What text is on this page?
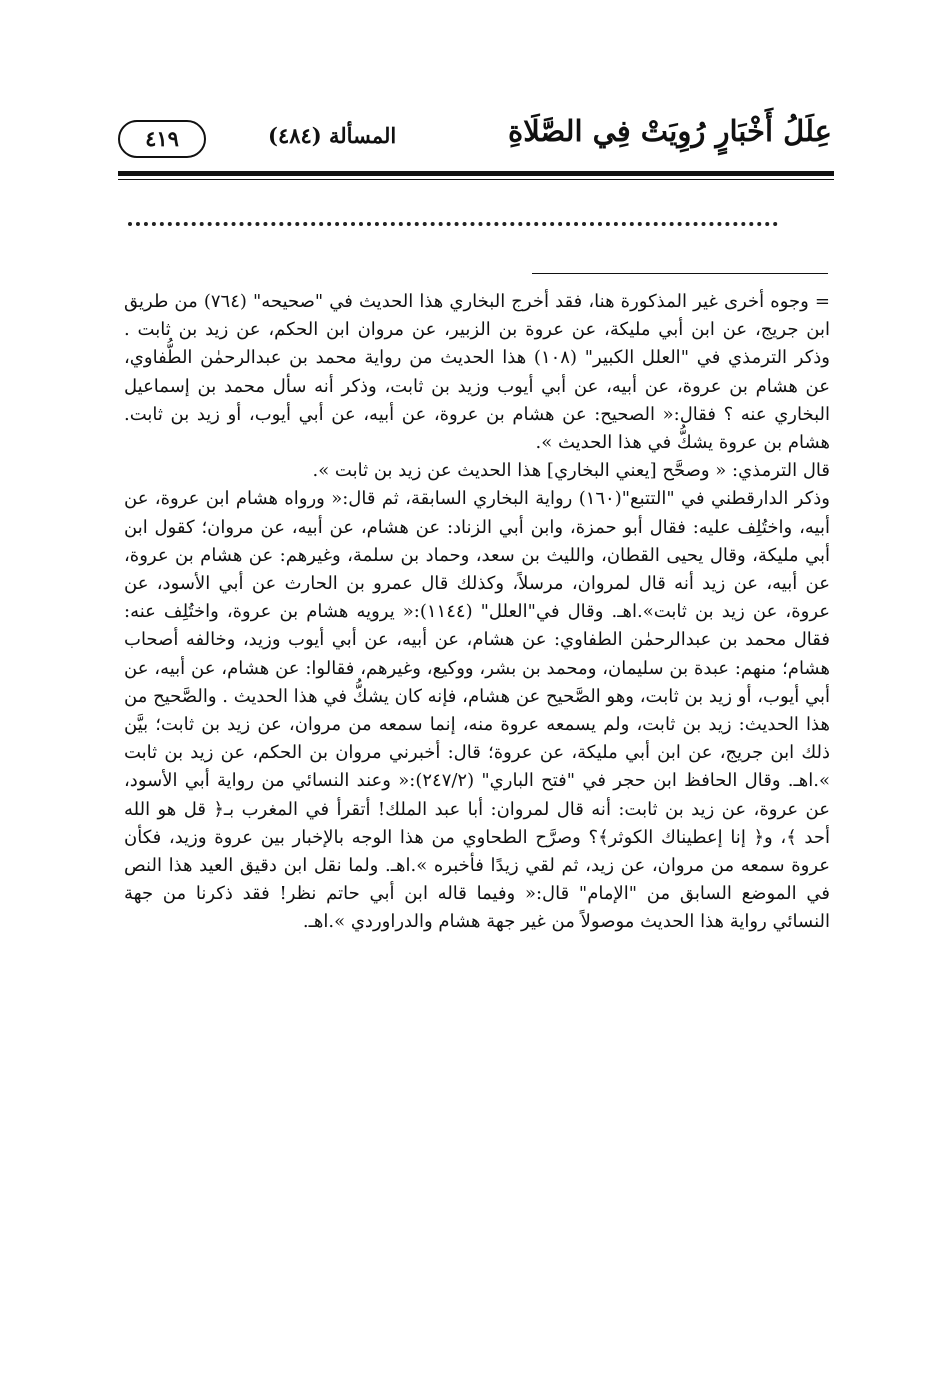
عِلَلُ أَخْبَارٍ رُوِيَتْ فِي الصَّلَاةِ
المسألة (٤٨٤)
٤١٩

= وجوه أخرى غير المذكورة هنا، فقد أخرج البخاري هذا الحديث في "صحيحه" (٧٦٤) من طريق ابن جريج، عن ابن أبي مليكة، عن عروة بن الزبير، عن مروان ابن الحكم، عن زيد بن ثابت . وذكر الترمذي في "العلل الكبير" (١٠٨) هذا الحديث من رواية محمد بن عبدالرحمٰن الطُّفاوي، عن هشام بن عروة، عن أبيه، عن أبي أيوب وزيد بن ثابت، وذكر أنه سأل محمد بن إسماعيل البخاري عنه ؟ فقال:« الصحيح: عن هشام بن عروة، عن أبيه، عن أبي أيوب، أو زيد بن ثابت. هشام بن عروة يشكُّ في هذا الحديث ».

قال الترمذي: « وصحَّح [يعني البخاري] هذا الحديث عن زيد بن ثابت ».

وذكر الدارقطني في "التتبع"(١٦٠) رواية البخاري السابقة، ثم قال:« ورواه هشام ابن عروة، عن أبيه، واختُلِف عليه: فقال أبو حمزة، وابن أبي الزناد: عن هشام، عن أبيه، عن مروان؛ كقول ابن أبي مليكة، وقال يحيى القطان، والليث بن سعد، وحماد بن سلمة، وغيرهم: عن هشام بن عروة، عن أبيه، عن زيد أنه قال لمروان، مرسلاً، وكذلك قال عمرو بن الحارث عن أبي الأسود، عن عروة، عن زيد بن ثابت».اهـ. وقال في"العلل" (١١٤٤):« يرويه هشام بن عروة، واختُلِف عنه: فقال محمد بن عبدالرحمٰن الطفاوي: عن هشام، عن أبيه، عن أبي أيوب وزيد، وخالفه أصحاب هشام؛ منهم: عبدة بن سليمان، ومحمد بن بشر، ووكيع، وغيرهم، فقالوا: عن هشام، عن أبيه، عن أبي أيوب، أو زيد بن ثابت، وهو الصَّحيح عن هشام، فإنه كان يشكُّ في هذا الحديث . والصَّحيح من هذا الحديث: زيد بن ثابت، ولم يسمعه عروة منه، إنما سمعه من مروان، عن زيد بن ثابت؛ بيَّن ذلك ابن جريج، عن ابن أبي مليكة، عن عروة؛ قال: أخبرني مروان بن الحكم، عن زيد بن ثابت ».اهـ. وقال الحافظ ابن حجر في "فتح الباري" (٢٤٧/٢):« وعند النسائي من رواية أبي الأسود، عن عروة، عن زيد بن ثابت: أنه قال لمروان: أبا عبد الملك! أتقرأ في المغرب بـ﴿ قل هو الله أحد ﴾، و﴿ إنا إعطيناك الكوثر﴾؟ وصرَّح الطحاوي من هذا الوجه بالإخبار بين عروة وزيد، فكأن عروة سمعه من مروان، عن زيد، ثم لقي زيدًا فأخبره ».اهـ. ولما نقل ابن دقيق العيد هذا النص في الموضع السابق من "الإمام" قال:« وفيما قاله ابن أبي حاتم نظر! فقد ذكرنا من جهة النسائي رواية هذا الحديث موصولاً من غير جهة هشام والدراوردي ».اهـ.
